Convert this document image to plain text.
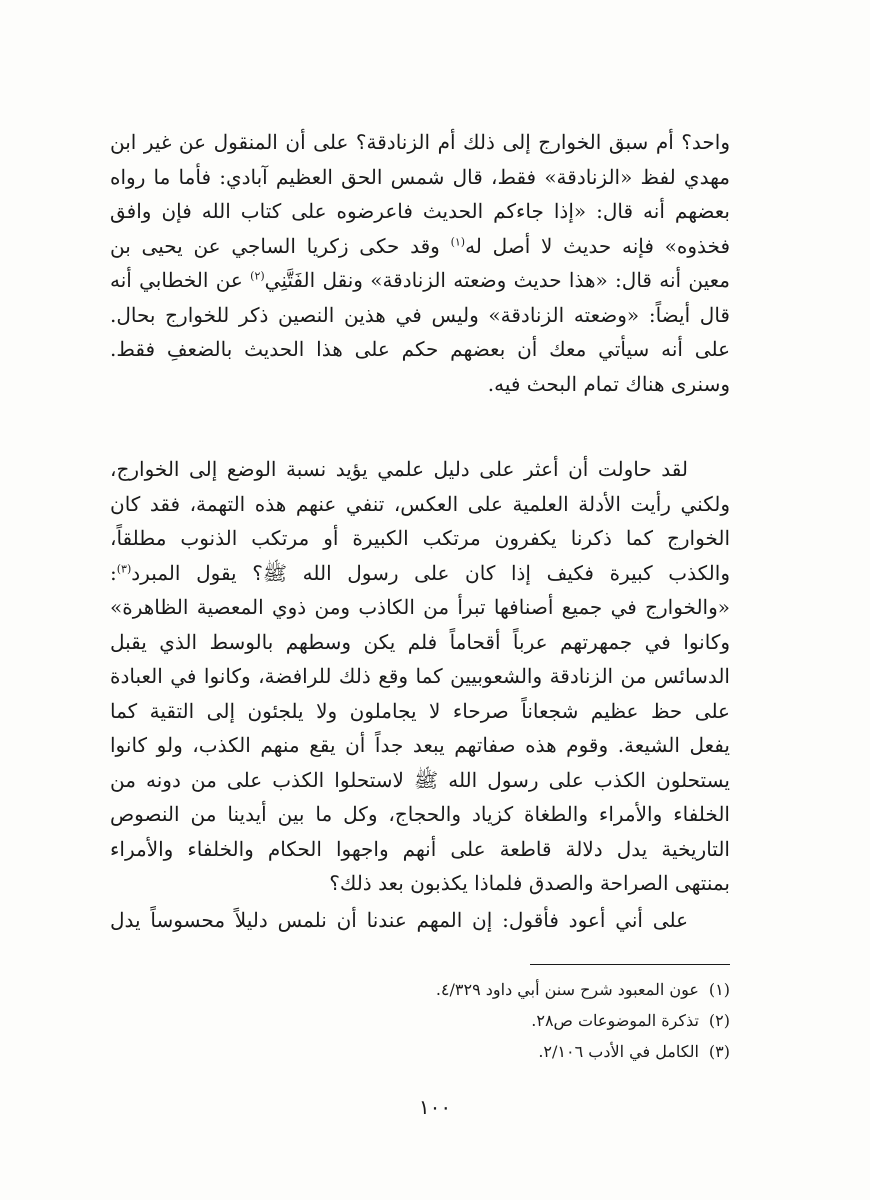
واحد؟ أم سبق الخوارج إلى ذلك أم الزنادقة؟ على أن المنقول عن غير ابن
مهدي لفظ «الزنادقة» فقط، قال شمس الحق العظيم آبادي: فأما ما رواه
بعضهم أنه قال: «إذا جاءكم الحديث فاعرضوه على كتاب الله فإن وافق
فخذوه» فإنه حديث لا أصل له$^{(١)}$ وقد حكى زكريا الساجي عن يحيى بن
معين أنه قال: «هذا حديث وضعته الزنادقة» ونقل الفَتَّنِي$^{(٢)}$ عن الخطابي أنه
قال أيضاً: «وضعته الزنادقة» وليس في هذين النصين ذكر للخوارج بحال.
على أنه سيأتي معك أن بعضهم حكم على هذا الحديث بالضعفِ فقط.
وسنرى هناك تمام البحث فيه.
لقد حاولت أن أعثر على دليل علمي يؤيد نسبة الوضع إلى الخوارج،
ولكني رأيت الأدلة العلمية على العكس، تنفي عنهم هذه التهمة، فقد كان
الخوارج كما ذكرنا يكفرون مرتكب الكبيرة أو مرتكب الذنوب مطلقاً،
والكذب كبيرة فكيف إذا كان على رسول الله ﷺ؟ يقول المبرد$^{(٣)}$:
«والخوارج في جميع أصنافها تبرأ من الكاذب ومن ذوي المعصية الظاهرة»
وكانوا في جمهرتهم عرباً أقحاماً فلم يكن وسطهم بالوسط الذي يقبل
الدسائس من الزنادقة والشعوبيين كما وقع ذلك للرافضة، وكانوا في العبادة
على حظ عظيم شجعاناً صرحاء لا يجاملون ولا يلجئون إلى التقية كما
يفعل الشيعة. وقوم هذه صفاتهم يبعد جداً أن يقع منهم الكذب، ولو كانوا
يستحلون الكذب على رسول الله ﷺ لاستحلوا الكذب على من دونه من
الخلفاء والأمراء والطغاة كزياد والحجاج، وكل ما بين أيدينا من النصوص
التاريخية يدل دلالة قاطعة على أنهم واجهوا الحكام والخلفاء والأمراء
بمنتهى الصراحة والصدق فلماذا يكذبون بعد ذلك؟
على أني أعود فأقول: إن المهم عندنا أن نلمس دليلاً محسوساً يدل
(١)عون المعبود شرح سنن أبي داود ٤/٣٢٩.
(٢)تذكرة الموضوعات ص٢٨.
(٣)الكامل في الأدب ٢/١٠٦.
١٠٠
